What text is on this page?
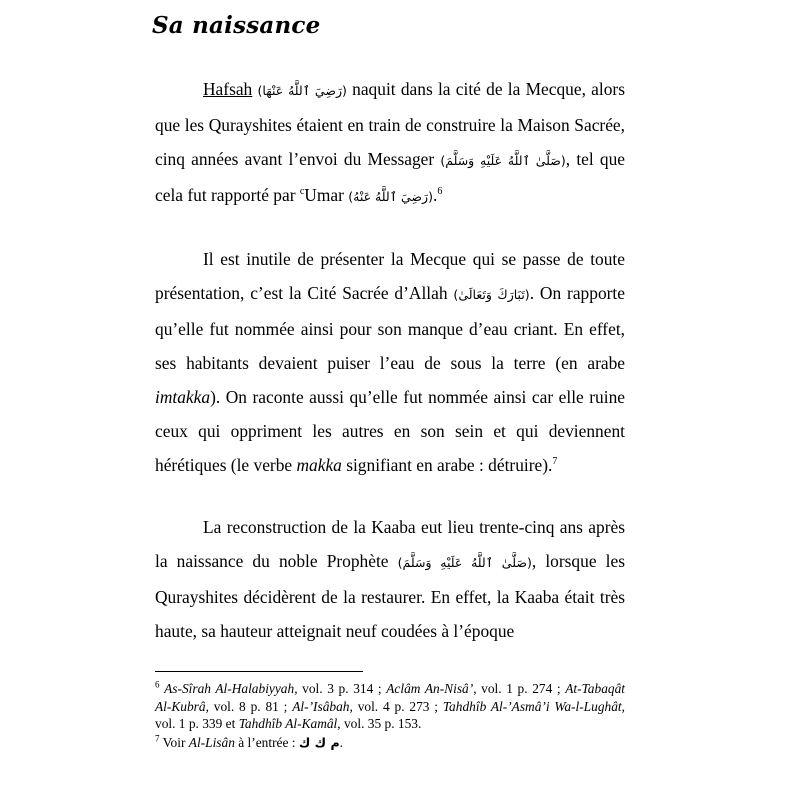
Sa naissance

Hafsah (رَضِيَ ٱللَّهُ عَنْهَا) naquit dans la cité de la Mecque, alors que les Qurayshites étaient en train de construire la Maison Sacrée, cinq années avant l’envoi du Messager (صَلَّىٰ ٱللَّهُ عَلَيْهِ وَسَلَّمَ), tel que cela fut rapporté par $^c$Umar (رَضِيَ ٱللَّهُ عَنْهُ).$^6$

Il est inutile de présenter la Mecque qui se passe de toute présentation, c’est la Cité Sacrée d’Allah (تَبَارَكَ وَتَعَالَىٰ). On rapporte qu’elle fut nommée ainsi pour son manque d’eau criant. En effet, ses habitants devaient puiser l’eau de sous la terre (en arabe imtakka). On raconte aussi qu’elle fut nommée ainsi car elle ruine ceux qui oppriment les autres en son sein et qui deviennent hérétiques (le verbe makka signifiant en arabe : détruire).$^7$

La reconstruction de la Kaaba eut lieu trente-cinq ans après la naissance du noble Prophète (صَلَّىٰ ٱللَّهُ عَلَيْهِ وَسَلَّمَ), lorsque les Qurayshites décidèrent de la restaurer. En effet, la Kaaba était très haute, sa hauteur atteignait neuf coudées à l’époque

$^6$ As-Sîrah Al-Halabiyyah, vol. 3 p. 314 ; Aclâm An-Nisâ’, vol. 1 p. 274 ; At-Tabaqât Al-Kubrâ, vol. 8 p. 81 ; Al-’Isâbah, vol. 4 p. 273 ; Tahdhîb Al-’Asmâ’i Wa-l-Lughât, vol. 1 p. 339 et Tahdhîb Al-Kamâl, vol. 35 p. 153.
$^7$ Voir Al-Lisân à l’entrée : م ك ك.
